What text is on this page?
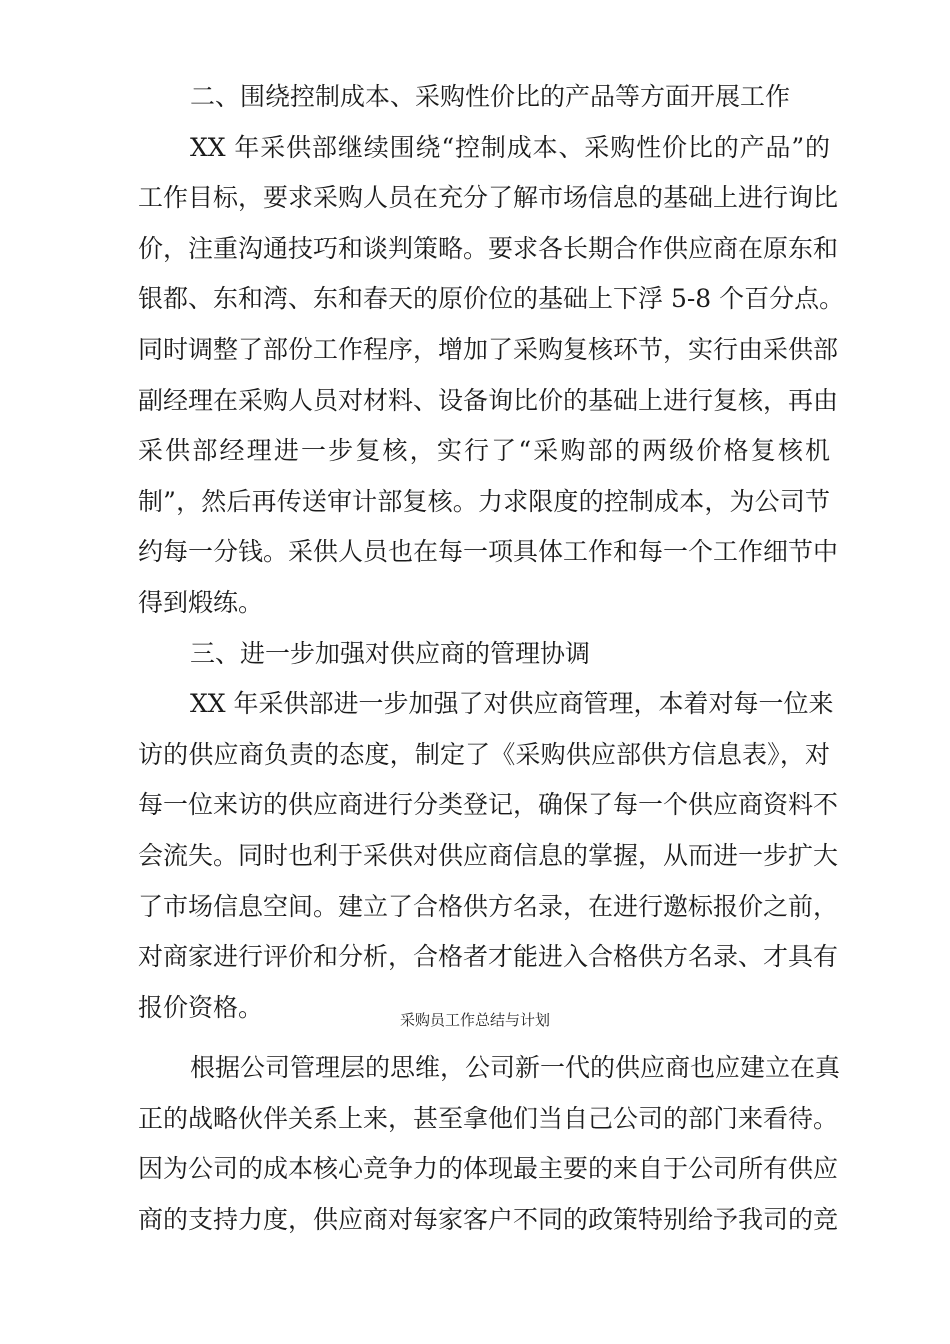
二、围绕控制成本、采购性价比的产品等方面开展工作
XX 年采供部继续围绕“控制成本、采购性价比的产品”的
工作目标，要求采购人员在充分了解市场信息的基础上进行询比
价，注重沟通技巧和谈判策略。要求各长期合作供应商在原东和
银都、东和湾、东和春天的原价位的基础上下浮 5-8 个百分点。
同时调整了部份工作程序，增加了采购复核环节，实行由采供部
副经理在采购人员对材料、设备询比价的基础上进行复核，再由
采供部经理进一步复核，实行了“采购部的两级价格复核机
制”，然后再传送审计部复核。力求限度的控制成本，为公司节
约每一分钱。采供人员也在每一项具体工作和每一个工作细节中
得到煅练。
三、进一步加强对供应商的管理协调
XX 年采供部进一步加强了对供应商管理，本着对每一位来
访的供应商负责的态度，制定了《采购供应部供方信息表》，对
每一位来访的供应商进行分类登记，确保了每一个供应商资料不
会流失。同时也利于采供对供应商信息的掌握，从而进一步扩大
了市场信息空间。建立了合格供方名录，在进行邀标报价之前，
对商家进行评价和分析，合格者才能进入合格供方名录、才具有
报价资格。	采购员工作总结与计划
根据公司管理层的思维，公司新一代的供应商也应建立在真
正的战略伙伴关系上来，甚至拿他们当自己公司的部门来看待。
因为公司的成本核心竞争力的体现最主要的来自于公司所有供应
商的支持力度，供应商对每家客户不同的政策特别给予我司的竞
